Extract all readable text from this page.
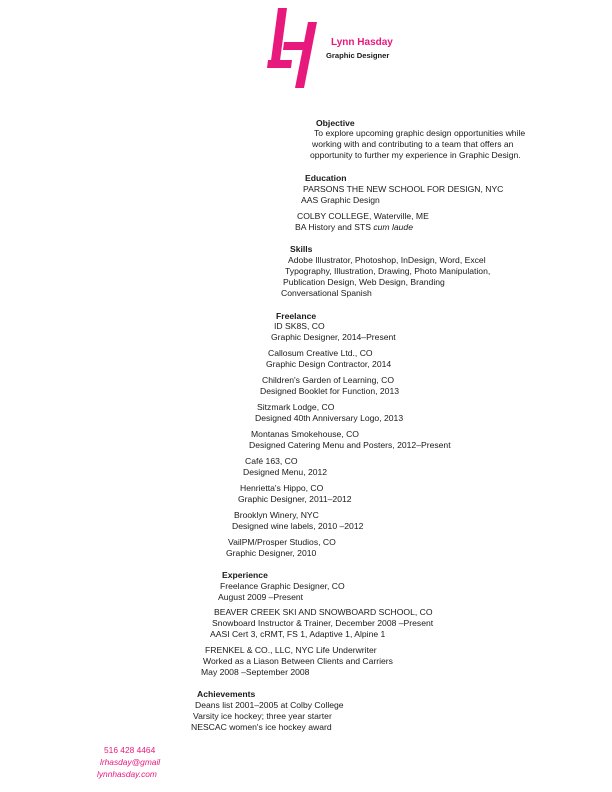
Lynn Hasday
Graphic Designer
Objective
To explore upcoming graphic design opportunities while
working with and contributing to a team that offers an
opportunity to further my experience in Graphic Design.
Education
PARSONS THE NEW SCHOOL FOR DESIGN, NYC
AAS Graphic Design
COLBY COLLEGE, Waterville, ME
BA History and STS cum laude
Skills
Adobe Illustrator, Photoshop, InDesign, Word, Excel
Typography, Illustration, Drawing, Photo Manipulation,
Publication Design, Web Design, Branding
Conversational Spanish
Freelance
ID SK8S, CO
Graphic Designer, 2014–Present
Callosum Creative Ltd., CO
Graphic Design Contractor, 2014
Children's Garden of Learning, CO
Designed Booklet for Function, 2013
Sitzmark Lodge, CO
Designed 40th Anniversary Logo, 2013
Montanas Smokehouse, CO
Designed Catering Menu and Posters, 2012–Present
Café 163, CO
Designed Menu, 2012
Henrietta's Hippo, CO
Graphic Designer, 2011–2012
Brooklyn Winery, NYC
Designed wine labels, 2010 –2012
VailPM/Prosper Studios, CO
Graphic Designer, 2010
Experience
Freelance Graphic Designer, CO
August 2009 –Present
BEAVER CREEK SKI AND SNOWBOARD SCHOOL, CO
Snowboard Instructor & Trainer, December 2008 –Present
AASI Cert 3, cRMT, FS 1, Adaptive 1, Alpine 1
FRENKEL & CO., LLC, NYC Life Underwriter
Worked as a Liason Between Clients and Carriers
May 2008 –September 2008
Achievements
Deans list 2001–2005 at Colby College
Varsity ice hockey; three year starter
NESCAC women's ice hockey award
516 428 4464
lrhasday@gmail
lynnhasday.com
